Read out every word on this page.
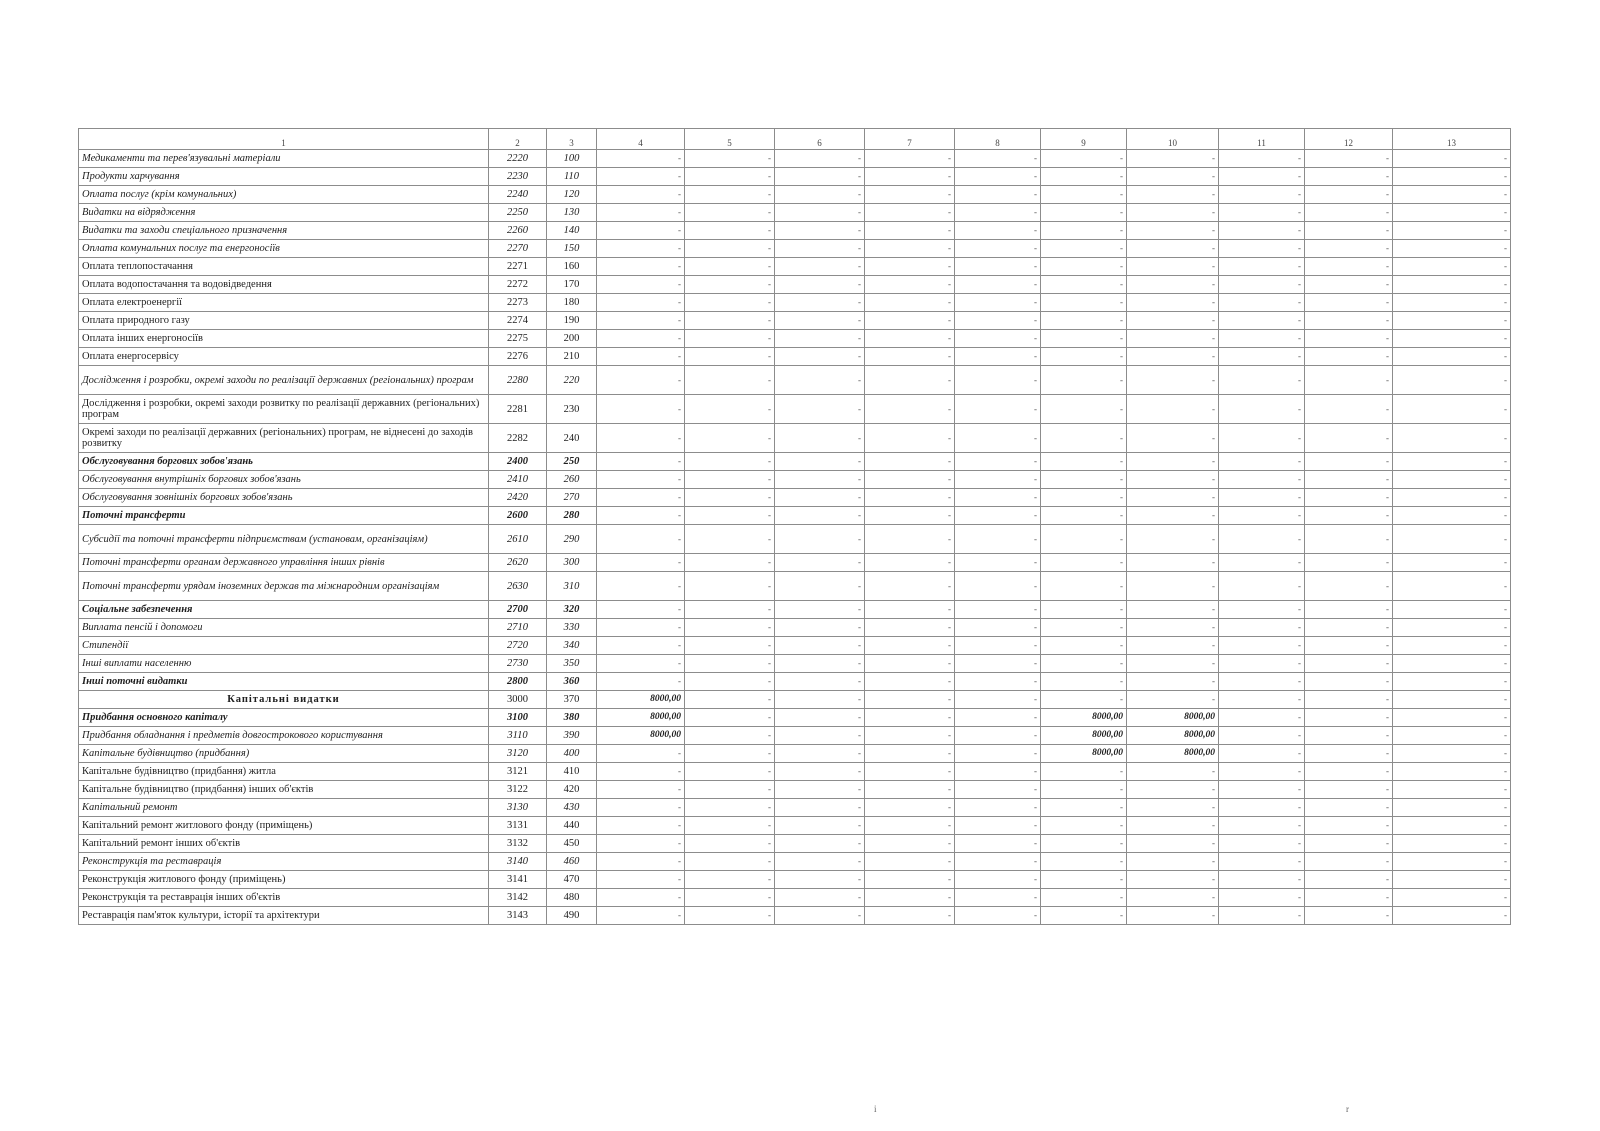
1	2	3	4	5	6	7	8	9	10	11	12	13
Медикаменти та перев'язувальні матеріали	2220	100	-	-	-	-	-	-	-	-	-	-
Продукти харчування	2230	110	-	-	-	-	-	-	-	-	-	-
Оплата послуг (крім комунальних)	2240	120	-	-	-	-	-	-	-	-	-	-
Видатки на відрядження	2250	130	-	-	-	-	-	-	-	-	-	-
Видатки та заходи спеціального призначення	2260	140	-	-	-	-	-	-	-	-	-	-
Оплата комунальних послуг та енергоносіїв	2270	150	-	-	-	-	-	-	-	-	-	-
Оплата теплопостачання	2271	160	-	-	-	-	-	-	-	-	-	-
Оплата водопостачання та водовідведення	2272	170	-	-	-	-	-	-	-	-	-	-
Оплата електроенергії	2273	180	-	-	-	-	-	-	-	-	-	-
Оплата природного газу	2274	190	-	-	-	-	-	-	-	-	-	-
Оплата інших енергоносіїв	2275	200	-	-	-	-	-	-	-	-	-	-
Оплата енергосервісу	2276	210	-	-	-	-	-	-	-	-	-	-
Дослідження і розробки, окремі заходи по реалізації державних (регіональних) програм	2280	220	-	-	-	-	-	-	-	-	-	-
Дослідження і розробки, окремі заходи розвитку по реалізації державних (регіональних) програм	2281	230	-	-	-	-	-	-	-	-	-	-
Окремі заходи по реалізації державних (регіональних) програм, не віднесені до заходів розвитку	2282	240	-	-	-	-	-	-	-	-	-	-
Обслуговування боргових зобов'язань	2400	250	-	-	-	-	-	-	-	-	-	-
Обслуговування внутрішніх боргових зобов'язань	2410	260	-	-	-	-	-	-	-	-	-	-
Обслуговування зовнішніх боргових зобов'язань	2420	270	-	-	-	-	-	-	-	-	-	-
Поточні трансферти	2600	280	-	-	-	-	-	-	-	-	-	-
Субсидії та поточні трансферти підприємствам (установам, організаціям)	2610	290	-	-	-	-	-	-	-	-	-	-
Поточні трансферти органам державного управління інших рівнів	2620	300	-	-	-	-	-	-	-	-	-	-
Поточні трансферти урядам іноземних держав та міжнародним організаціям	2630	310	-	-	-	-	-	-	-	-	-	-
Соціальне забезпечення	2700	320	-	-	-	-	-	-	-	-	-	-
Виплата пенсій і допомоги	2710	330	-	-	-	-	-	-	-	-	-	-
Стипендії	2720	340	-	-	-	-	-	-	-	-	-	-
Інші виплати населенню	2730	350	-	-	-	-	-	-	-	-	-	-
Інші поточні видатки	2800	360	-	-	-	-	-	-	-	-	-	-
Капітальні видатки	3000	370	8000,00	-	-	-	-	-	-	-	-	-
Придбання основного капіталу	3100	380	8000,00	-	-	-	-	8000,00	8000,00	-	-	-
Придбання обладнання і предметів довгострокового користування	3110	390	8000,00	-	-	-	-	8000,00	8000,00	-	-	-
Капітальне будівництво (придбання)	3120	400	-	-	-	-	-	8000,00	8000,00	-	-	-
Капітальне будівництво (придбання) житла	3121	410	-	-	-	-	-	-	-	-	-	-
Капітальне будівництво (придбання) інших об'єктів	3122	420	-	-	-	-	-	-	-	-	-	-
Капітальний ремонт	3130	430	-	-	-	-	-	-	-	-	-	-
Капітальний ремонт житлового фонду (приміщень)	3131	440	-	-	-	-	-	-	-	-	-	-
Капітальний ремонт інших об'єктів	3132	450	-	-	-	-	-	-	-	-	-	-
Реконструкція та реставрація	3140	460	-	-	-	-	-	-	-	-	-	-
Реконструкція житлового фонду (приміщень)	3141	470	-	-	-	-	-	-	-	-	-	-
Реконструкція та реставрація інших об'єктів	3142	480	-	-	-	-	-	-	-	-	-	-
Реставрація пам'яток культури, історії та архітектури	3143	490	-	-	-	-	-	-	-	-	-	-
i	r
